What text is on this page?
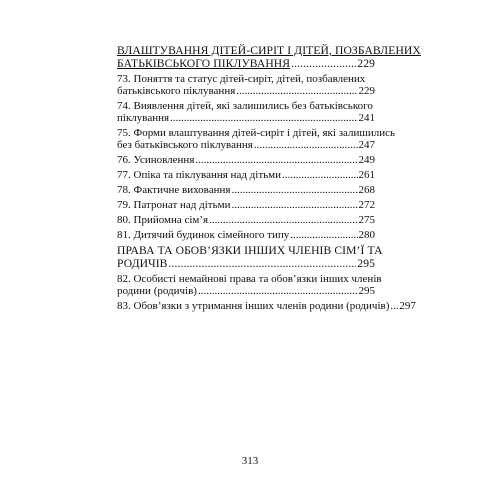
ВЛАШТУВАННЯ ДІТЕЙ-СИРІТ І ДІТЕЙ, ПОЗБАВЛЕНИХ
БАТЬКІВСЬКОГО ПІКЛУВАННЯ .....	229
73. Поняття та статус дітей-сиріт, дітей, позбавлених
батьківського піклування .....	229
74. Виявлення дітей, які залишились без батьківського
піклування .....	241
75. Форми влаштування дітей-сиріт і дітей, які залишились
без батьківського піклування .....	247
76. Усиновлення .....	249
77. Опіка та піклування над дітьми .....	261
78. Фактичне виховання .....	268
79. Патронат над дітьми .....	272
80. Прийомна сім’я .....	275
81. Дитячий будинок сімейного типу .....	280
ПРАВА ТА ОБОВ’ЯЗКИ ІНШИХ ЧЛЕНІВ СІМ’Ї ТА
РОДИЧІВ .....	295
82. Особисті немайнові права та обов’язки інших членів
родини (родичів) .....	295
83. Обов’язки з утримання інших членів родини (родичів) ..... 297
313
